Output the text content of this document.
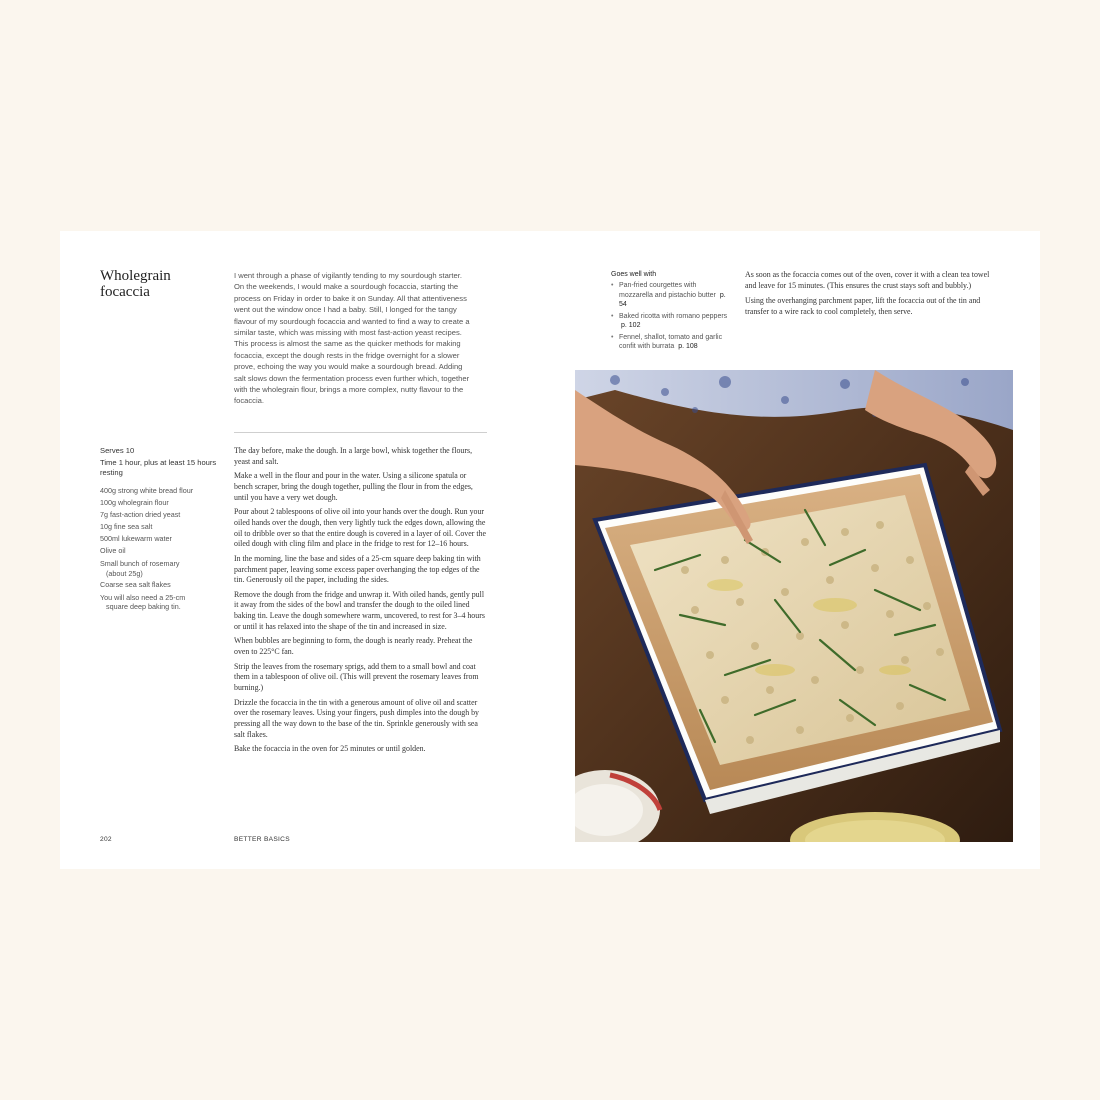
Wholegrain focaccia
I went through a phase of vigilantly tending to my sourdough starter. On the weekends, I would make a sourdough focaccia, starting the process on Friday in order to bake it on Sunday. All that attentiveness went out the window once I had a baby. Still, I longed for the tangy flavour of my sourdough focaccia and wanted to find a way to create a similar taste, which was missing with most fast-action yeast recipes. This process is almost the same as the quicker methods for making focaccia, except the dough rests in the fridge overnight for a slower prove, echoing the way you would make a sourdough bread. Adding salt slows down the fermentation process even further which, together with the wholegrain flour, brings a more complex, nutty flavour to the focaccia.
Serves 10
Time 1 hour, plus at least 15 hours resting
400g strong white bread flour
100g wholegrain flour
7g fast-action dried yeast
10g fine sea salt
500ml lukewarm water
Olive oil
Small bunch of rosemary
(about 25g)
Coarse sea salt flakes
You will also need a 25-cm
square deep baking tin.

The day before, make the dough. In a large bowl, whisk together the flours, yeast and salt.

Make a well in the flour and pour in the water. Using a silicone spatula or bench scraper, bring the dough together, pulling the flour in from the edges, until you have a very wet dough.

Pour about 2 tablespoons of olive oil into your hands over the dough. Run your oiled hands over the dough, then very lightly tuck the edges down, allowing the oil to dribble over so that the entire dough is covered in a layer of oil. Cover the oiled dough with cling film and place in the fridge to rest for 12–16 hours.

In the morning, line the base and sides of a 25-cm square deep baking tin with parchment paper, leaving some excess paper overhanging the top edges of the tin. Generously oil the paper, including the sides.

Remove the dough from the fridge and unwrap it. With oiled hands, gently pull it away from the sides of the bowl and transfer the dough to the oiled lined baking tin. Leave the dough somewhere warm, uncovered, to rest for 3–4 hours or until it has relaxed into the shape of the tin and increased in size.

When bubbles are beginning to form, the dough is nearly ready. Preheat the oven to 225°C fan.

Strip the leaves from the rosemary sprigs, add them to a small bowl and coat them in a tablespoon of olive oil. (This will prevent the rosemary leaves from burning.)

Drizzle the focaccia in the tin with a generous amount of olive oil and scatter over the rosemary leaves. Using your fingers, push dimples into the dough by pressing all the way down to the base of the tin. Sprinkle generously with sea salt flakes.

Bake the focaccia in the oven for 25 minutes or until golden.

Goes well with
• Pan-fried courgettes with mozzarella and pistachio butter p. 54
• Baked ricotta with romano peppers p. 102
• Fennel, shallot, tomato and garlic confit with burrata p. 108

As soon as the focaccia comes out of the oven, cover it with a clean tea towel and leave for 15 minutes. (This ensures the crust stays soft and bubbly.)

Using the overhanging parchment paper, lift the focaccia out of the tin and transfer to a wire rack to cool completely, then serve.

202	BETTER BASICS
